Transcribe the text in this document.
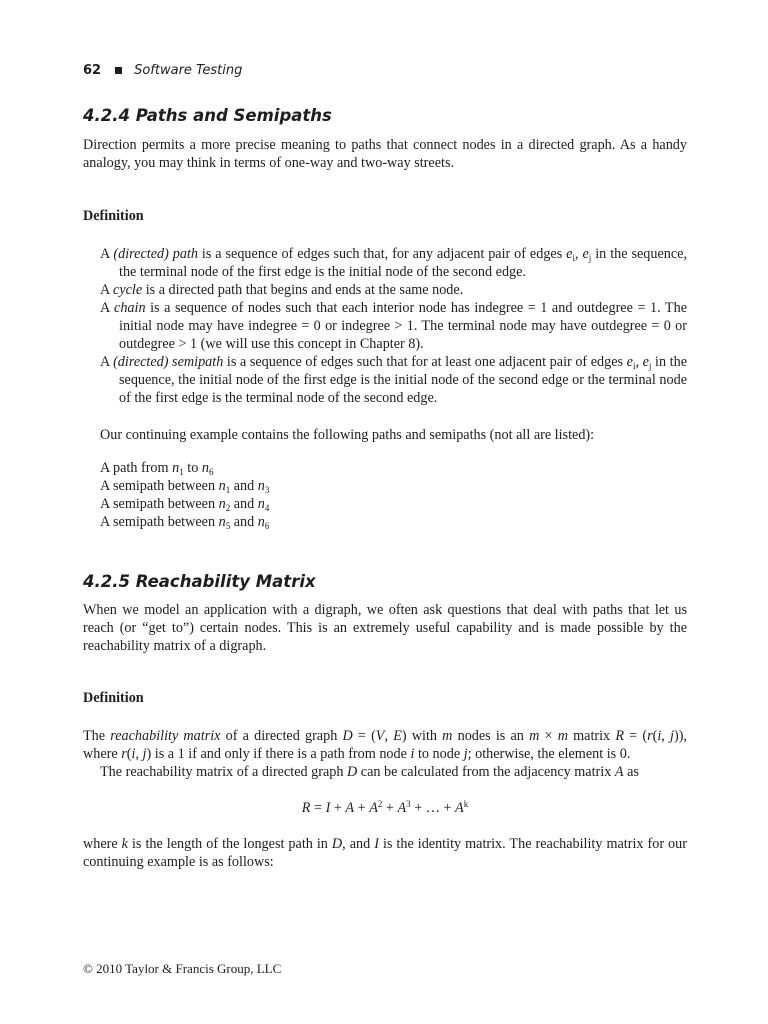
62	Software Testing
4.2.4 Paths and Semipaths
Direction permits a more precise meaning to paths that connect nodes in a directed graph. As a handy analogy, you may think in terms of one-way and two-way streets.
Definition

A (directed) path is a sequence of edges such that, for any adjacent pair of edges $e_i$, $e_j$ in the sequence, the terminal node of the first edge is the initial node of the second edge.

A cycle is a directed path that begins and ends at the same node.

A chain is a sequence of nodes such that each interior node has indegree = 1 and outdegree = 1. The initial node may have indegree = 0 or indegree > 1. The terminal node may have outdegree = 0 or outdegree > 1 (we will use this concept in Chapter 8).

A (directed) semipath is a sequence of edges such that for at least one adjacent pair of edges $e_i$, $e_j$ in the sequence, the initial node of the first edge is the initial node of the second edge or the terminal node of the first edge is the terminal node of the second edge.

Our continuing example contains the following paths and semipaths (not all are listed):
A path from $n_1$ to $n_6$
A semipath between $n_1$ and $n_3$
A semipath between $n_2$ and $n_4$
A semipath between $n_5$ and $n_6$
4.2.5 Reachability Matrix
When we model an application with a digraph, we often ask questions that deal with paths that let us reach (or “get to”) certain nodes. This is an extremely useful capability and is made possible by the reachability matrix of a digraph.
Definition
The reachability matrix of a directed graph D = (V, E) with m nodes is an m × m matrix R = (r(i, j)), where r(i, j) is a 1 if and only if there is a path from node i to node j; otherwise, the element is 0.
The reachability matrix of a directed graph D can be calculated from the adjacency matrix A as
$R = I + A + A^2 + A^3$ + … + $A^k$
where k is the length of the longest path in D, and I is the identity matrix. The reachability matrix for our continuing example is as follows:
© 2010 Taylor & Francis Group, LLC
